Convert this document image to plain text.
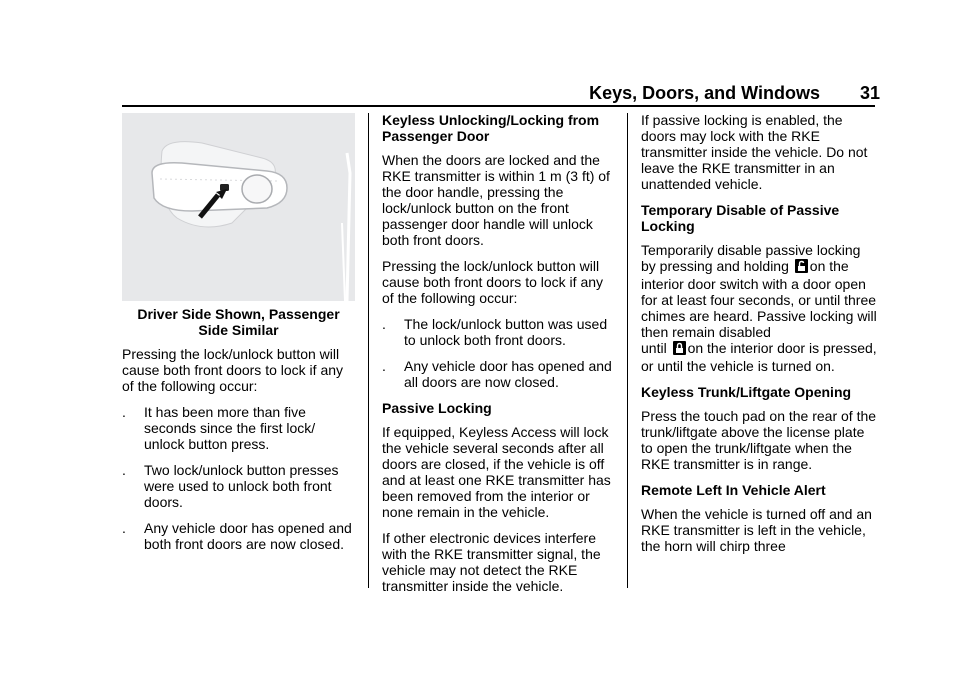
Keys, Doors, and Windows	31
Driver Side Shown, Passenger Side Similar

Pressing the lock/unlock button will cause both front doors to lock if any of the following occur:

.	It has been more than five seconds since the first lock/ unlock button press.
.	Two lock/unlock button presses were used to unlock both front doors.
.	Any vehicle door has opened and both front doors are now closed.
Keyless Unlocking/Locking from Passenger Door

When the doors are locked and the RKE transmitter is within 1 m (3 ft) of the door handle, pressing the lock/unlock button on the front passenger door handle will unlock both front doors.

Pressing the lock/unlock button will cause both front doors to lock if any of the following occur:

.	The lock/unlock button was used to unlock both front doors.
.	Any vehicle door has opened and all doors are now closed.
Passive Locking

If equipped, Keyless Access will lock the vehicle several seconds after all doors are closed, if the vehicle is off and at least one RKE transmitter has been removed from the interior or none remain in the vehicle.

If other electronic devices interfere with the RKE transmitter signal, the vehicle may not detect the RKE transmitter inside the vehicle.

If passive locking is enabled, the doors may lock with the RKE transmitter inside the vehicle. Do not leave the RKE transmitter in an unattended vehicle.

Temporary Disable of Passive Locking

Temporarily disable passive locking
by pressing and holding on the interior door switch with a door open for at least four seconds, or until three chimes are heard. Passive locking will then remain disabled
until on the interior door is pressed, or until the vehicle is turned on.

Keyless Trunk/Liftgate Opening

Press the touch pad on the rear of the trunk/liftgate above the license plate to open the trunk/liftgate when the RKE transmitter is in range.

Remote Left In Vehicle Alert

When the vehicle is turned off and an RKE transmitter is left in the vehicle, the horn will chirp three
